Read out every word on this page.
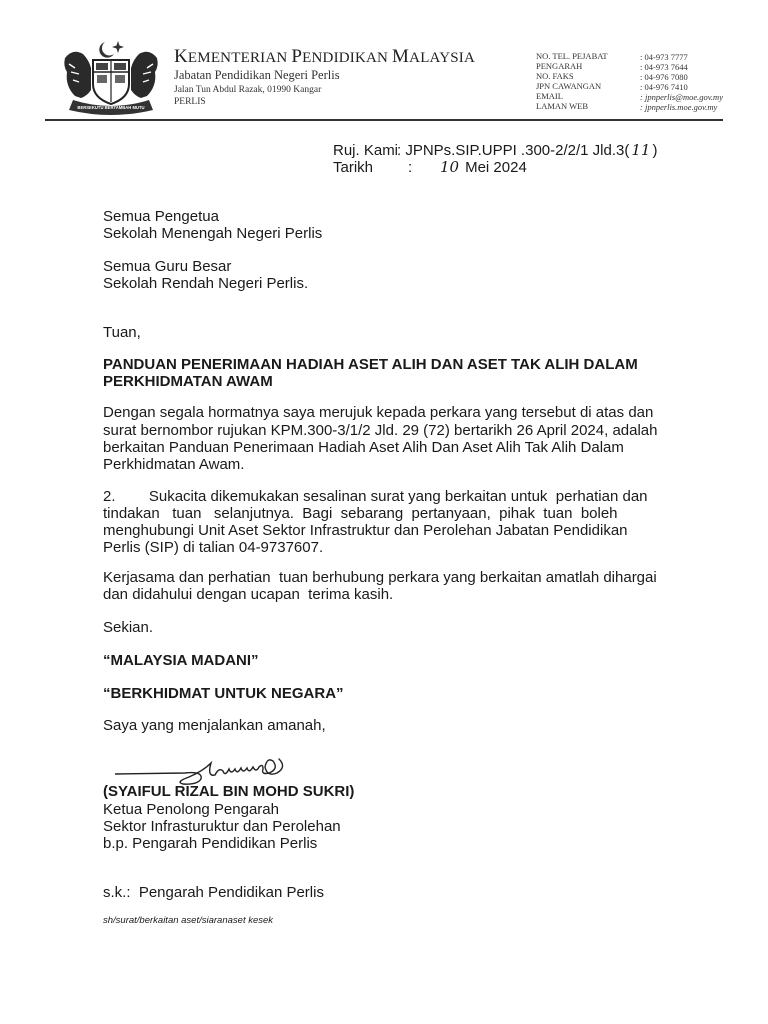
BERSEKUTU BERTAMBAH MUTU
KEMENTERIAN PENDIDIKAN MALAYSIA
Jabatan Pendidikan Negeri Perlis
Jalan Tun Abdul Razak, 01990 Kangar
PERLIS
NO. TEL. PEJABAT	: 04-973 7777
PENGARAH	: 04-973 7644
NO. FAKS	: 04-976 7080
JPN CAWANGAN	: 04-976 7410
EMAIL	: jpnperlis@moe.gov.my
LAMAN WEB	: jpnperlis.moe.gov.my
Ruj. Kami
: JPNPs.SIP.UPPI .300-2/2/1 Jld.3( 11 )
Tarikh : 10 Mei 2024
Semua Pengetua
Sekolah Menengah Negeri Perlis
Semua Guru Besar
Sekolah Rendah Negeri Perlis.
Tuan,
PANDUAN PENERIMAAN HADIAH ASET ALIH DAN ASET TAK ALIH DALAM
PERKHIDMATAN AWAM
Dengan segala hormatnya saya merujuk kepada perkara yang tersebut di atas dan
surat bernombor rujukan KPM.300-3/1/2 Jld. 29 (72) bertarikh 26 April 2024, adalah
berkaitan Panduan Penerimaan Hadiah Aset Alih Dan Aset Alih Tak Alih Dalam
Perkhidmatan Awam.
2.        Sukacita dikemukakan sesalinan surat yang berkaitan untuk  perhatian dan
tindakan   tuan   selanjutnya.  Bagi  sebarang  pertanyaan,  pihak  tuan  boleh
menghubungi Unit Aset Sektor Infrastruktur dan Perolehan Jabatan Pendidikan
Perlis (SIP) di talian 04-9737607.
Kerjasama dan perhatian  tuan berhubung perkara yang berkaitan amatlah dihargai
dan didahului dengan ucapan  terima kasih.
Sekian.
“MALAYSIA MADANI”
“BERKHIDMAT UNTUK NEGARA”
Saya yang menjalankan amanah,
(SYAIFUL RIZAL BIN MOHD SUKRI)
Ketua Penolong Pengarah
Sektor Infrasturuktur dan Perolehan
b.p. Pengarah Pendidikan Perlis
s.k.:  Pengarah Pendidikan Perlis
sh/surat/berkaitan aset/siaranaset kesek
